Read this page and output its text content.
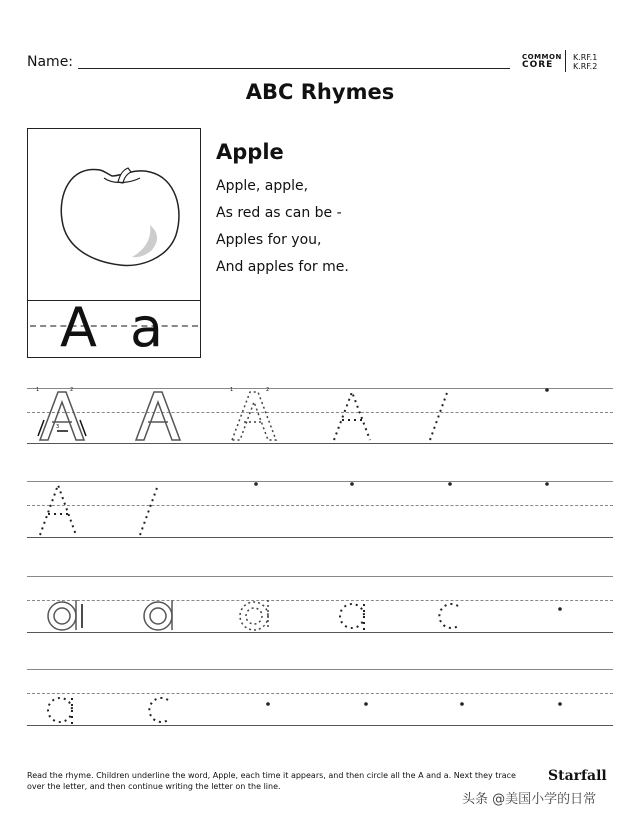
Name:	COMMON
CORE
K.RF.1
K.RF.2
ABC Rhymes
A a
Apple
Apple, apple,
As red as can be -
Apples for you,
And apples for me.
1	2
3
1	2
Read the rhyme. Children underline the word, Apple, each time it appears, and then circle all the A and a. Next they trace over the letter, and then continue writing the letter on the line.
Starfall
头条 @美国小学的日常
